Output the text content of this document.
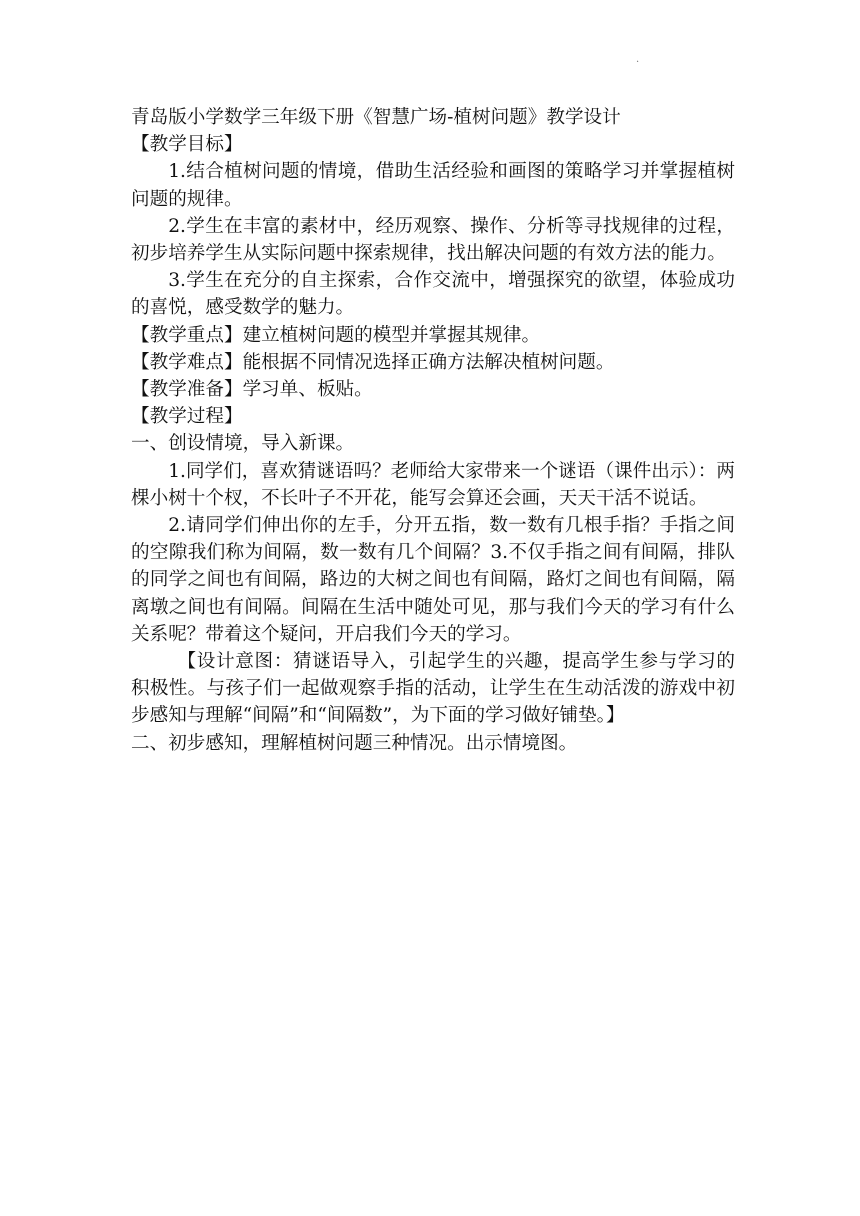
.

青岛版小学数学三年级下册《智慧广场-植树问题》教学设计

【教学目标】

1.结合植树问题的情境，借助生活经验和画图的策略学习并掌握植树问题的规律。

2.学生在丰富的素材中，经历观察、操作、分析等寻找规律的过程，初步培养学生从实际问题中探索规律，找出解决问题的有效方法的能力。

3.学生在充分的自主探索，合作交流中，增强探究的欲望，体验成功的喜悦，感受数学的魅力。

【教学重点】建立植树问题的模型并掌握其规律。

【教学难点】能根据不同情况选择正确方法解决植树问题。

【教学准备】学习单、板贴。

【教学过程】

一、创设情境，导入新课。

1.同学们，喜欢猜谜语吗？老师给大家带来一个谜语（课件出示）：两棵小树十个杈，不长叶子不开花，能写会算还会画，天天干活不说话。

2.请同学们伸出你的左手，分开五指，数一数有几根手指？手指之间的空隙我们称为间隔，数一数有几个间隔？3.不仅手指之间有间隔，排队的同学之间也有间隔，路边的大树之间也有间隔，路灯之间也有间隔，隔离墩之间也有间隔。间隔在生活中随处可见，那与我们今天的学习有什么关系呢？带着这个疑问，开启我们今天的学习。

【设计意图：猜谜语导入，引起学生的兴趣，提高学生参与学习的积极性。与孩子们一起做观察手指的活动，让学生在生动活泼的游戏中初步感知与理解“间隔”和“间隔数”，为下面的学习做好铺垫。】

二、初步感知，理解植树问题三种情况。出示情境图。
